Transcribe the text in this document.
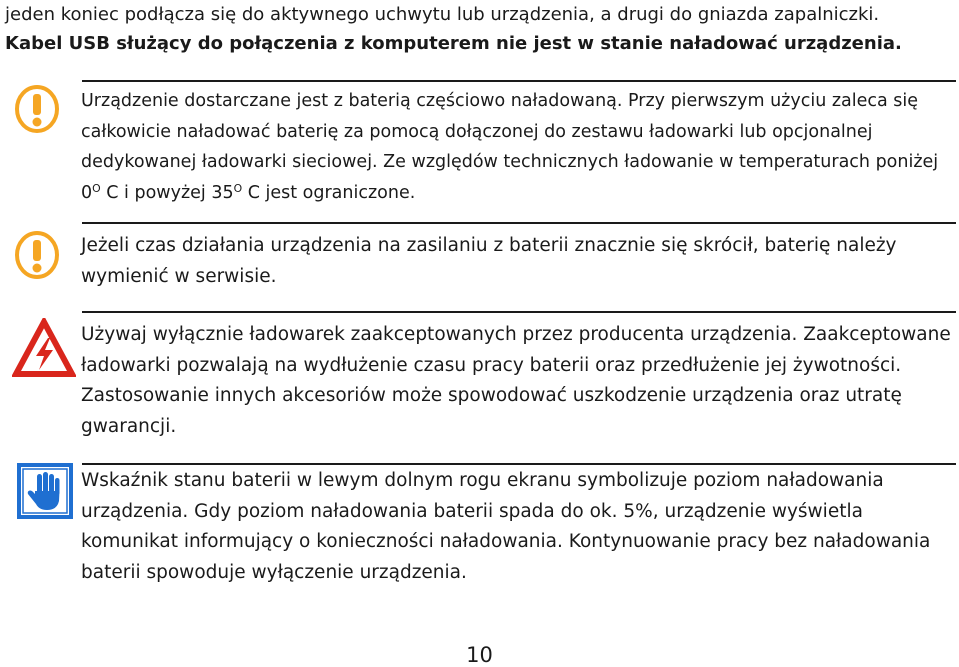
jeden koniec podłącza się do aktywnego uchwytu lub urządzenia, a drugi do gniazda zapalniczki.
Kabel USB służący do połączenia z komputerem nie jest w stanie naładować urządzenia.

Urządzenie dostarczane jest z baterią częściowo naładowaną. Przy pierwszym użyciu zaleca się całkowicie naładować baterię za pomocą dołączonej do zestawu ładowarki lub opcjonalnej dedykowanej ładowarki sieciowej. Ze względów technicznych ładowanie w temperaturach poniżej $0^O$ C i powyżej $35^O$ C jest ograniczone.

Jeżeli czas działania urządzenia na zasilaniu z baterii znacznie się skrócił, baterię należy wymienić w serwisie.

Używaj wyłącznie ładowarek zaakceptowanych przez producenta urządzenia. Zaakceptowane ładowarki pozwalają na wydłużenie czasu pracy baterii oraz przedłużenie jej żywotności. Zastosowanie innych akcesoriów może spowodować uszkodzenie urządzenia oraz utratę gwarancji.

Wskaźnik stanu baterii w lewym dolnym rogu ekranu symbolizuje poziom naładowania urządzenia. Gdy poziom naładowania baterii spada do ok. 5%, urządzenie wyświetla komunikat informujący o konieczności naładowania. Kontynuowanie pracy bez naładowania baterii spowoduje wyłączenie urządzenia.

10
